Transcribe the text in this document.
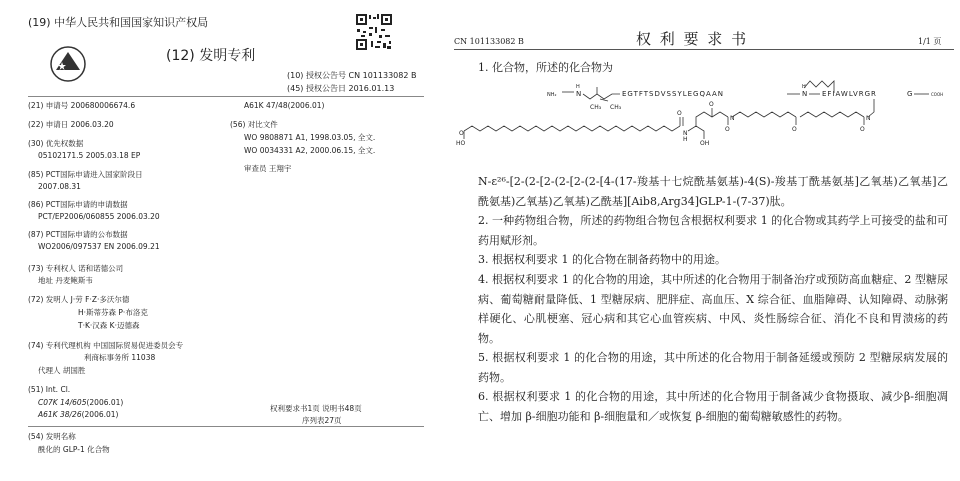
(19) 中华人民共和国国家知识产权局
(12) 发明专利
(10) 授权公告号 CN 101133082 B
(45) 授权公告日 2016.01.13
(21) 申请号 200680006674.6
(22) 申请日 2006.03.20
(30) 优先权数据
05102171.5 2005.03.18 EP
(85) PCT国际申请进入国家阶段日
2007.08.31
(86) PCT国际申请的申请数据
PCT/EP2006/060855 2006.03.20
(87) PCT国际申请的公布数据
WO2006/097537 EN 2006.09.21
(73) 专利权人 诺和诺德公司
地址 丹麦鲍斯韦
(72) 发明人 J·劳 F·Z·多沃尔德
H·斯蒂芬森 P·布洛克
T·K·汉森 K·迈德森
(74) 专利代理机构 中国国际贸易促进委员会专
利商标事务所 11038
代理人 胡国胜
(51) Int. Cl.
C07K 14/605(2006.01)
A61K 38/26(2006.01)
A61K 47/48(2006.01)
(56) 对比文件
WO 9808871 A1, 1998.03.05, 全文.
WO 0034331 A2, 2000.06.15, 全文.
审查员 王翔宇
权利要求书1页 说明书48页
序列表27页
(54) 发明名称
酰化的 GLP-1 化合物
CN 101133082 B	权 利 要 求 书	1/1 页
1. 化合物，所述的化合物为
NH₂	N
H
CH₃ CH₃
EGTFTSDVSSYLEGQAAN	N
H
EFIAWLVRGR	G	COOH
HO
O
O
N
H
OH
O
O
N
O	O
N
N-ε²⁶-[2-(2-[2-(2-[2-(2-[4-(17-羧基十七烷酰基氨基)-4(S)-羧基丁酰基氨基]乙氧基)乙氧基]乙酰氨基)乙氧基)乙氧基)乙酰基][Aib8,Arg34]GLP-1-(7-37)肽。
2. 一种药物组合物，所述的药物组合物包含根据权利要求 1 的化合物或其药学上可接受的盐和可药用赋形剂。
3. 根据权利要求 1 的化合物在制备药物中的用途。
4. 根据权利要求 1 的化合物的用途，其中所述的化合物用于制备治疗或预防高血糖症、2 型糖尿病、葡萄糖耐量降低、1 型糖尿病、肥胖症、高血压、X 综合征、血脂障碍、认知障碍、动脉粥样硬化、心肌梗塞、冠心病和其它心血管疾病、中风、炎性肠综合征、消化不良和胃溃疡的药物。
5. 根据权利要求 1 的化合物的用途，其中所述的化合物用于制备延缓或预防 2 型糖尿病发展的药物。
6. 根据权利要求 1 的化合物的用途，其中所述的化合物用于制备减少食物摄取、减少β-细胞凋亡、增加 β-细胞功能和 β-细胞量和／或恢复 β-细胞的葡萄糖敏感性的药物。
